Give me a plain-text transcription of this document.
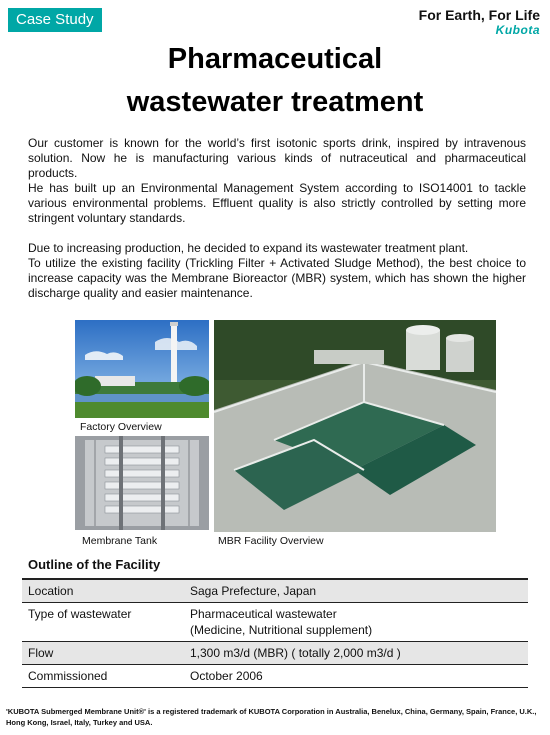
Case Study	For Earth, For Life
Kubota
Pharmaceutical
wastewater treatment

Our customer is known for the world’s first isotonic sports drink, inspired by intravenous solution. Now he is manufacturing various kinds of nutraceutical and pharmaceutical products.

He has built up an Environmental Management System according to ISO14001 to tackle various environmental problems. Effluent quality is also strictly controlled by setting more stringent voluntary standards.

Due to increasing production, he decided to expand its wastewater treatment plant.

To utilize the existing facility (Trickling Filter + Activated Sludge Method), the best choice to increase capacity was the Membrane Bioreactor (MBR) system, which has shown the higher discharge quality and easier maintenance.

Factory Overview
Membrane Tank	MBR Facility Overview
Outline of the Facility
Location	Saga Prefecture, Japan
Type of wastewater	Pharmaceutical wastewater
(Medicine, Nutritional supplement)

Flow	1,300 m3/d (MBR) ( totally 2,000 m3/d )
Commissioned	October 2006
'KUBOTA Submerged Membrane Unit®' is a registered trademark of KUBOTA Corporation in Australia, Benelux, China, Germany, Spain, France, U.K., Hong Kong, Israel, Italy, Turkey and USA.
